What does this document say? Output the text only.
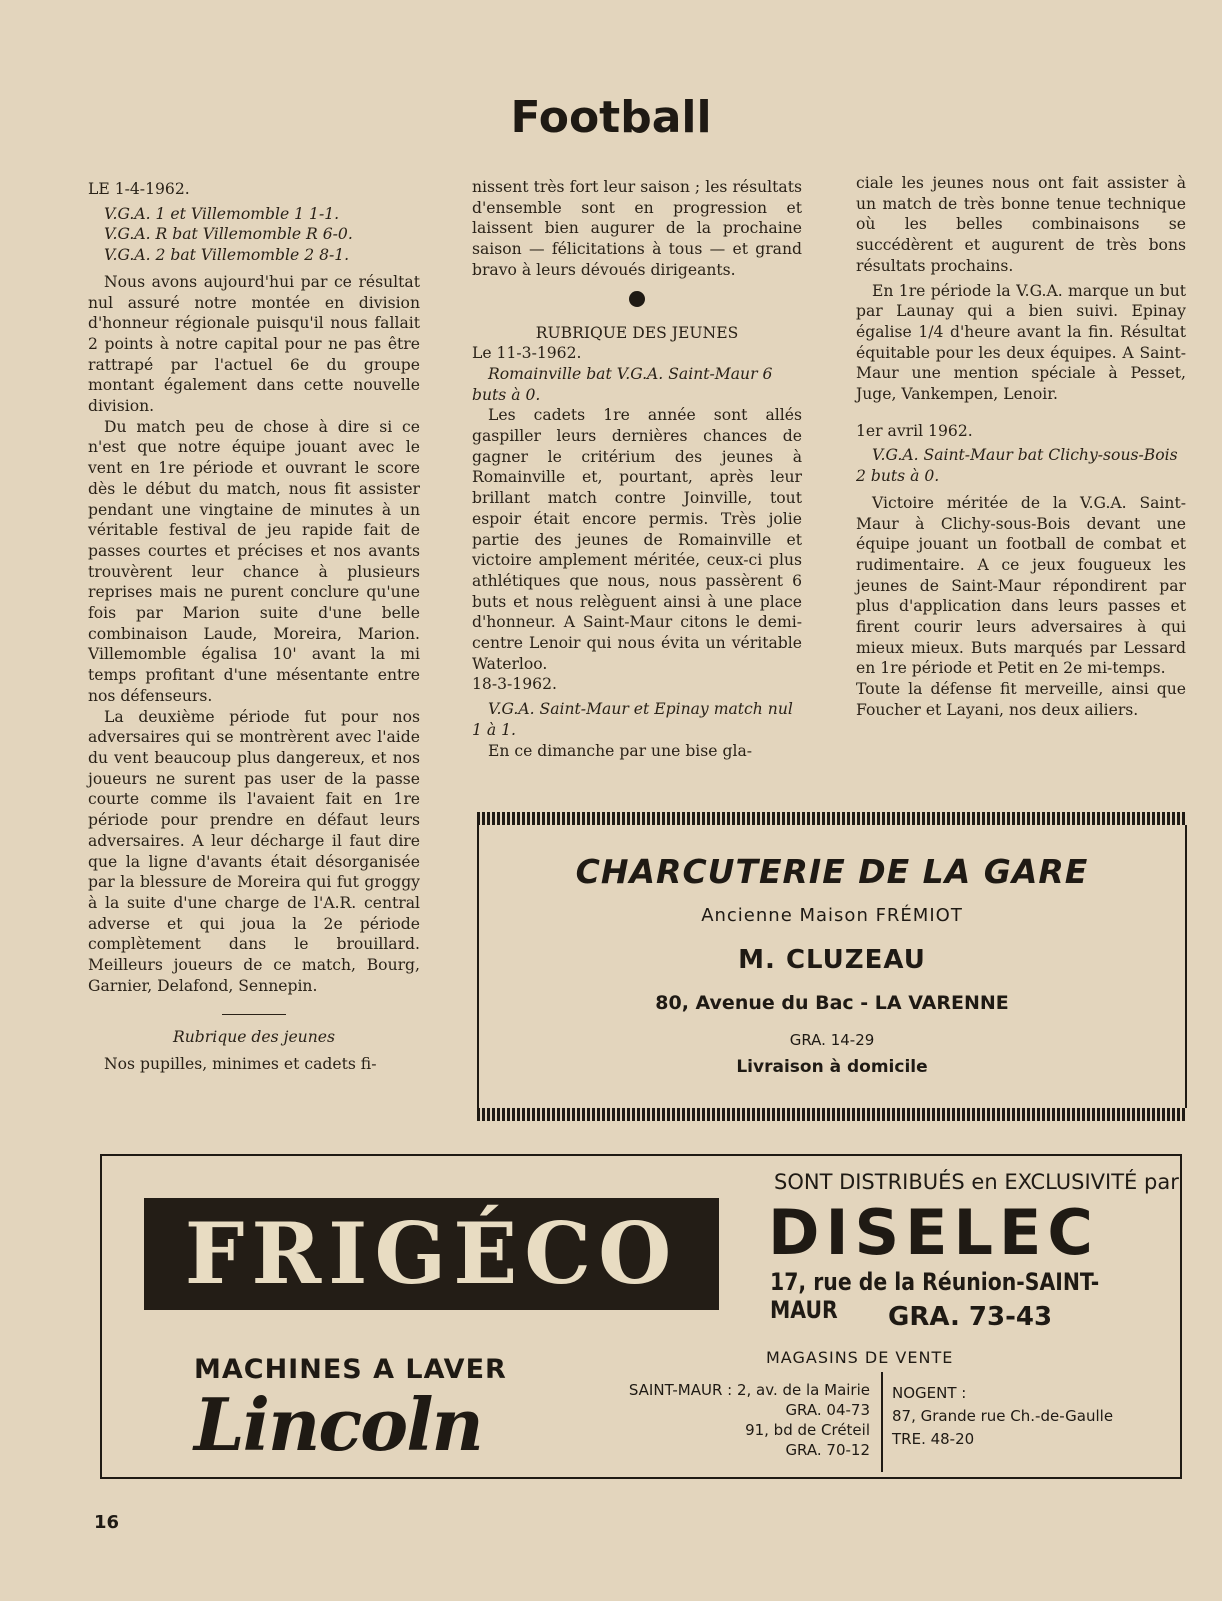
Football

LE 1-4-1962.

V.G.A. 1 et Villemomble 1 1-1.

V.G.A. R bat Villemomble R 6-0.

V.G.A. 2 bat Villemomble 2 8-1.

Nous avons aujourd'hui par ce résultat nul assuré notre montée en division d'honneur régionale puisqu'il nous fallait 2 points à notre capital pour ne pas être rattrapé par l'actuel 6e du groupe montant également dans cette nouvelle division.

Du match peu de chose à dire si ce n'est que notre équipe jouant avec le vent en 1re période et ouvrant le score dès le début du match, nous fit assister pendant une vingtaine de minutes à un véritable festival de jeu rapide fait de passes courtes et précises et nos avants trouvèrent leur chance à plusieurs reprises mais ne purent conclure qu'une fois par Marion suite d'une belle combinaison Laude, Moreira, Marion. Villemomble égalisa 10' avant la mi temps profitant d'une mésentante entre nos défenseurs.

La deuxième période fut pour nos adversaires qui se montrèrent avec l'aide du vent beaucoup plus dangereux, et nos joueurs ne surent pas user de la passe courte comme ils l'avaient fait en 1re période pour prendre en défaut leurs adversaires. A leur décharge il faut dire que la ligne d'avants était désorganisée par la blessure de Moreira qui fut groggy à la suite d'une charge de l'A.R. central adverse et qui joua la 2e période complètement dans le brouillard. Meilleurs joueurs de ce match, Bourg, Garnier, Delafond, Sennepin.

Rubrique des jeunes

Nos pupilles, minimes et cadets fi-

nissent très fort leur saison ; les résultats d'ensemble sont en progression et laissent bien augurer de la prochaine saison — félicitations à tous — et grand bravo à leurs dévoués dirigeants.

RUBRIQUE DES JEUNES

Le 11-3-1962.

Romainville bat V.G.A. Saint-Maur 6 buts à 0.

Les cadets 1re année sont allés gaspiller leurs dernières chances de gagner le critérium des jeunes à Romainville et, pourtant, après leur brillant match contre Joinville, tout espoir était encore permis. Très jolie partie des jeunes de Romainville et victoire amplement méritée, ceux-ci plus athlétiques que nous, nous passèrent 6 buts et nous relèguent ainsi à une place d'honneur. A Saint-Maur citons le demi-centre Lenoir qui nous évita un véritable Waterloo.

18-3-1962.

V.G.A. Saint-Maur et Epinay match nul 1 à 1.

En ce dimanche par une bise gla-

ciale les jeunes nous ont fait assister à un match de très bonne tenue technique où les belles combinaisons se succédèrent et augurent de très bons résultats prochains.

En 1re période la V.G.A. marque un but par Launay qui a bien suivi. Epinay égalise 1/4 d'heure avant la fin. Résultat équitable pour les deux équipes. A Saint-Maur une mention spéciale à Pesset, Juge, Vankempen, Lenoir.

1er avril 1962.

V.G.A. Saint-Maur bat Clichy-sous-Bois 2 buts à 0.

Victoire méritée de la V.G.A. Saint-Maur à Clichy-sous-Bois devant une équipe jouant un football de combat et rudimentaire. A ce jeux fougueux les jeunes de Saint-Maur répondirent par plus d'application dans leurs passes et firent courir leurs adversaires à qui mieux mieux. Buts marqués par Lessard en 1re période et Petit en 2e mi-temps.

Toute la défense fit merveille, ainsi que Foucher et Layani, nos deux ailiers.

CHARCUTERIE DE LA GARE
Ancienne Maison FRÉMIOT
M. CLUZEAU
80, Avenue du Bac - LA VARENNE
GRA. 14-29
Livraison à domicile
FRIGÉCO
MACHINES A LAVER
Lincoln
SONT DISTRIBUÉS en EXCLUSIVITÉ par
DISELEC
17, rue de la Réunion-SAINT-MAUR	GRA. 73-43
MAGASINS DE VENTE
SAINT-MAUR : 2, av. de la Mairie
GRA. 04-73
91, bd de Créteil
GRA. 70-12
NOGENT :
87, Grande rue Ch.-de-Gaulle
TRE. 48-20
16
